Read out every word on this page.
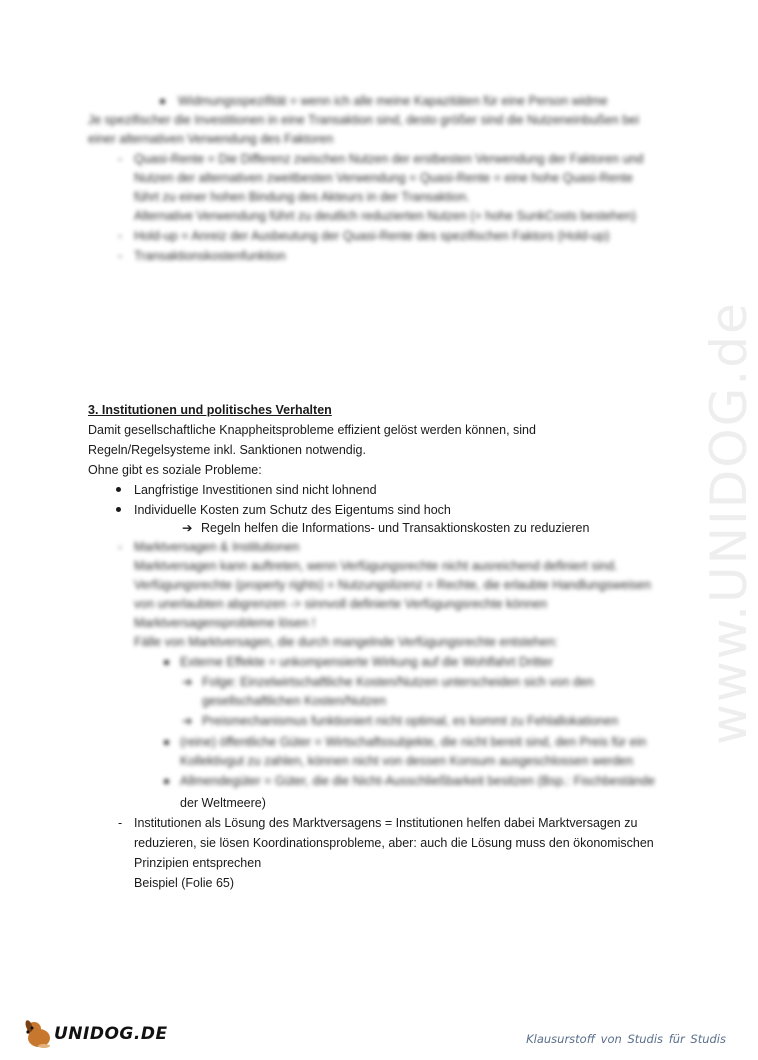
www.UNIDOG.de
Widmungsspezifität = wenn ich alle meine Kapazitäten für eine Person widme
Je spezifischer die Investitionen in eine Transaktion sind, desto größer sind die Nutzeneinbußen bei
einer alternativen Verwendung des Faktoren
- Quasi-Rente = Die Differenz zwischen Nutzen der erstbesten Verwendung der Faktoren und
Nutzen der alternativen zweitbesten Verwendung = Quasi-Rente = eine hohe Quasi-Rente
führt zu einer hohen Bindung des Akteurs in der Transaktion.
Alternative Verwendung führt zu deutlich reduzierten Nutzen (= hohe SunkCosts bestehen)
- Hold-up = Anreiz der Ausbeutung der Quasi-Rente des spezifischen Faktors (Hold-up)
- Transaktionskostenfunktion
3. Institutionen und politisches Verhalten
Damit gesellschaftliche Knappheitsprobleme effizient gelöst werden können, sind
Regeln/Regelsysteme inkl. Sanktionen notwendig.
Ohne gibt es soziale Probleme:
Langfristige Investitionen sind nicht lohnend
Individuelle Kosten zum Schutz des Eigentums sind hoch
➔ Regeln helfen die Informations- und Transaktionskosten zu reduzieren
- Marktversagen & Institutionen
Marktversagen kann auftreten, wenn Verfügungsrechte nicht ausreichend definiert sind.
Verfügungsrechte (property rights) = Nutzungslizenz = Rechte, die erlaubte Handlungsweisen
von unerlaubten abgrenzen -> sinnvoll definierte Verfügungsrechte können
Marktversagensprobleme lösen !
Fälle von Marktversagen, die durch mangelnde Verfügungsrechte entstehen:
Externe Effekte = unkompensierte Wirkung auf die Wohlfahrt Dritter
➔ Folge: Einzelwirtschaftliche Kosten/Nutzen unterscheiden sich von den
gesellschaftlichen Kosten/Nutzen
➔ Preismechanismus funktioniert nicht optimal, es kommt zu Fehlallokationen
(reine) öffentliche Güter = Wirtschaftssubjekte, die nicht bereit sind, den Preis für ein
Kollektivgut zu zahlen, können nicht von dessen Konsum ausgeschlossen werden
Allmendegüter = Güter, die die Nicht-Ausschließbarkeit besitzen (Bsp.: Fischbestände
der Weltmeere)
- Institutionen als Lösung des Marktversagens = Institutionen helfen dabei Marktversagen zu
reduzieren, sie lösen Koordinationsprobleme, aber: auch die Lösung muss den ökonomischen
Prinzipien entsprechen
Beispiel (Folie 65)
UNIDOG.DE	Klausurstoff von Studis für Studis
